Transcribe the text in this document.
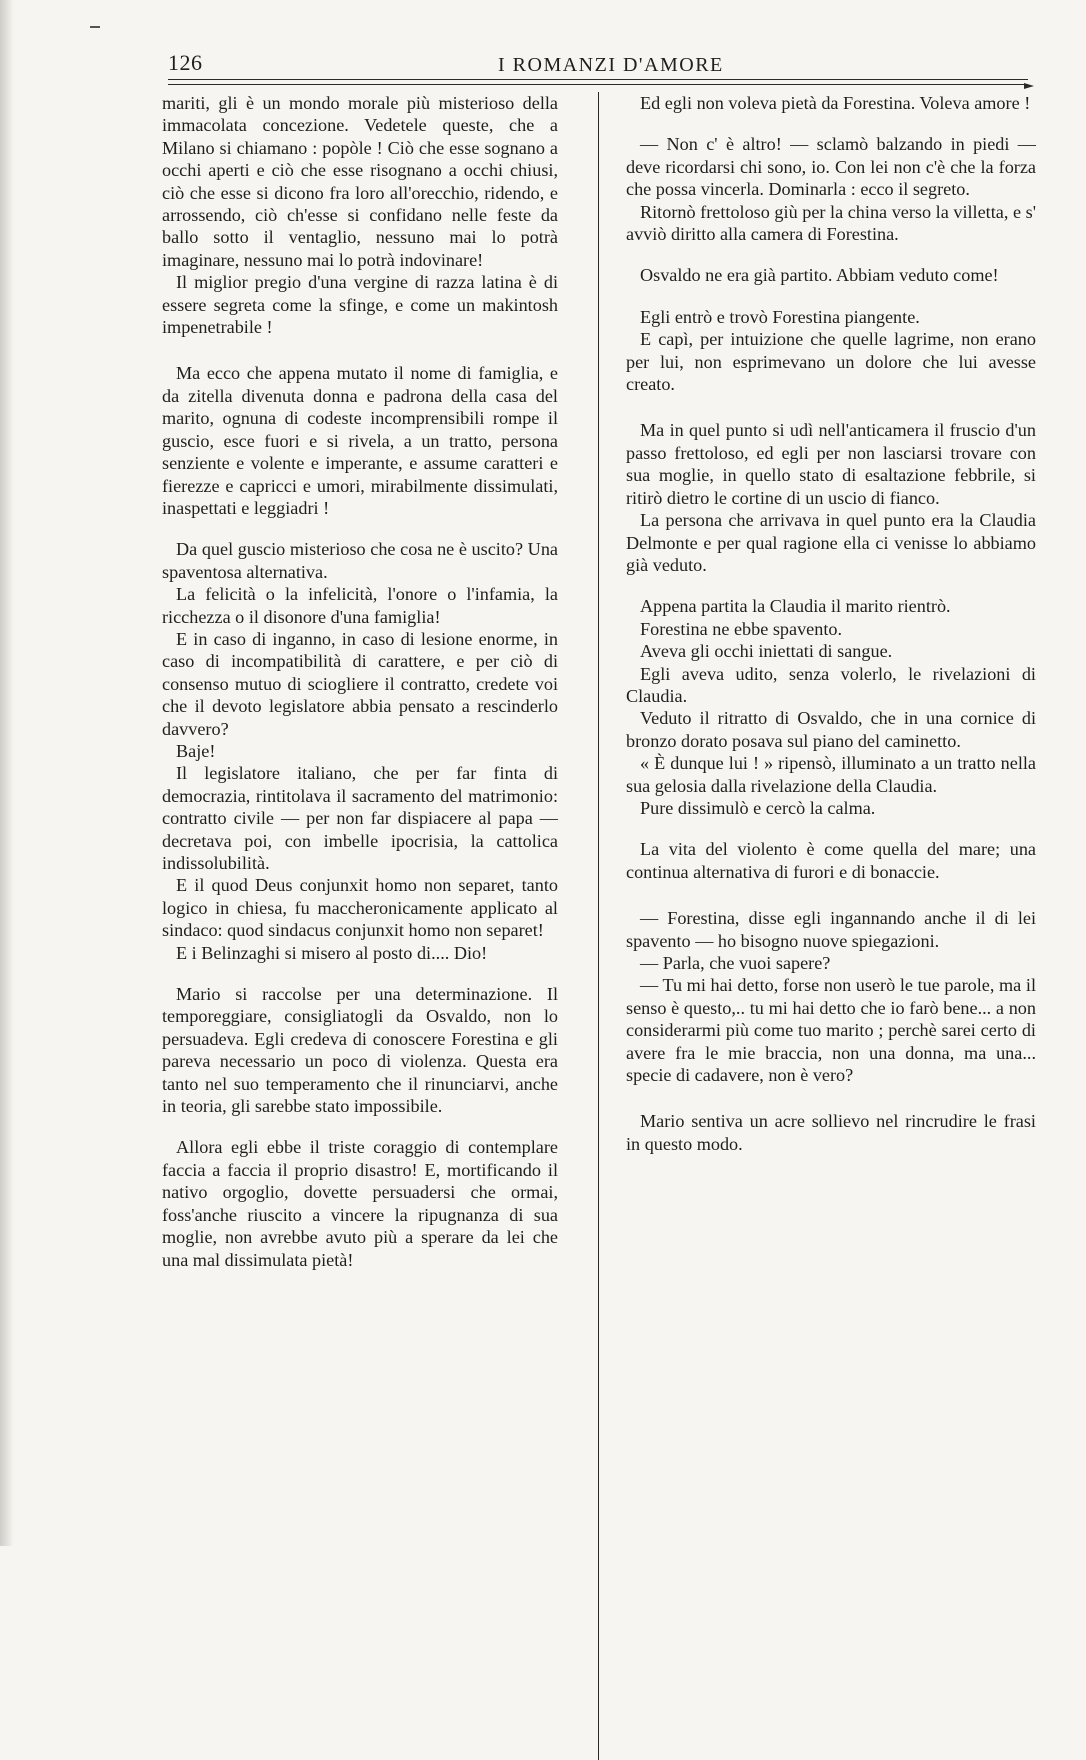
126	I ROMANZI D'AMORE

mariti, gli è un mondo morale più misterioso della immacolata concezione. Vedetele queste, che a Milano si chiamano : popòle ! Ciò che esse sognano a occhi aperti e ciò che esse risognano a occhi chiusi, ciò che esse si dicono fra loro all'orecchio, ridendo, e arrossendo, ciò ch'esse si confidano nelle feste da ballo sotto il ventaglio, nessuno mai lo potrà imaginare, nessuno mai lo potrà indovinare!

Il miglior pregio d'una vergine di razza latina è di essere segreta come la sfinge, e come un makintosh impenetrabile !

Ma ecco che appena mutato il nome di famiglia, e da zitella divenuta donna e padrona della casa del marito, ognuna di codeste incomprensibili rompe il guscio, esce fuori e si rivela, a un tratto, persona senziente e volente e imperante, e assume caratteri e fierezze e capricci e umori, mirabilmente dissimulati, inaspettati e leggiadri !

Da quel guscio misterioso che cosa ne è uscito? Una spaventosa alternativa.

La felicità o la infelicità, l'onore o l'infamia, la ricchezza o il disonore d'una famiglia!

E in caso di inganno, in caso di lesione enorme, in caso di incompatibilità di carattere, e per ciò di consenso mutuo di sciogliere il contratto, credete voi che il devoto legislatore abbia pensato a rescinderlo davvero?

Baje!

Il legislatore italiano, che per far finta di democrazia, rintitolava il sacramento del matrimonio: contratto civile — per non far dispiacere al papa — decretava poi, con imbelle ipocrisia, la cattolica indissolubilità.

E il quod Deus conjunxit homo non separet, tanto logico in chiesa, fu maccheronicamente applicato al sindaco: quod sindacus conjunxit homo non separet!

E i Belinzaghi si misero al posto di.... Dio!

Mario si raccolse per una determinazione. Il temporeggiare, consigliatogli da Osvaldo, non lo persuadeva. Egli credeva di conoscere Forestina e gli pareva necessario un poco di violenza. Questa era tanto nel suo temperamento che il rinunciarvi, anche in teoria, gli sarebbe stato impossibile.

Allora egli ebbe il triste coraggio di contemplare faccia a faccia il proprio disastro! E, mortificando il nativo orgoglio, dovette persuadersi che ormai, foss'anche riuscito a vincere la ripugnanza di sua moglie, non avrebbe avuto più a sperare da lei che una mal dissimulata pietà!

Ed egli non voleva pietà da Forestina. Voleva amore !

— Non c' è altro! — sclamò balzando in piedi — deve ricordarsi chi sono, io. Con lei non c'è che la forza che possa vincerla. Dominarla : ecco il segreto.

Ritornò frettoloso giù per la china verso la villetta, e s' avviò diritto alla camera di Forestina.

Osvaldo ne era già partito. Abbiam veduto come!

Egli entrò e trovò Forestina piangente.

E capì, per intuizione che quelle lagrime, non erano per lui, non esprimevano un dolore che lui avesse creato.

Ma in quel punto si udì nell'anticamera il fruscio d'un passo frettoloso, ed egli per non lasciarsi trovare con sua moglie, in quello stato di esaltazione febbrile, si ritirò dietro le cortine di un uscio di fianco.

La persona che arrivava in quel punto era la Claudia Delmonte e per qual ragione ella ci venisse lo abbiamo già veduto.

Appena partita la Claudia il marito rientrò.

Forestina ne ebbe spavento.

Aveva gli occhi iniettati di sangue.

Egli aveva udito, senza volerlo, le rivelazioni di Claudia.

Veduto il ritratto di Osvaldo, che in una cornice di bronzo dorato posava sul piano del caminetto.

« È dunque lui ! » ripensò, illuminato a un tratto nella sua gelosia dalla rivelazione della Claudia.

Pure dissimulò e cercò la calma.

La vita del violento è come quella del mare; una continua alternativa di furori e di bonaccie.

— Forestina, disse egli ingannando anche il di lei spavento — ho bisogno nuove spiegazioni.

— Parla, che vuoi sapere?

— Tu mi hai detto, forse non userò le tue parole, ma il senso è questo,.. tu mi hai detto che io farò bene... a non considerarmi più come tuo marito ; perchè sarei certo di avere fra le mie braccia, non una donna, ma una... specie di cadavere, non è vero?

Mario sentiva un acre sollievo nel rincrudire le frasi in questo modo.
